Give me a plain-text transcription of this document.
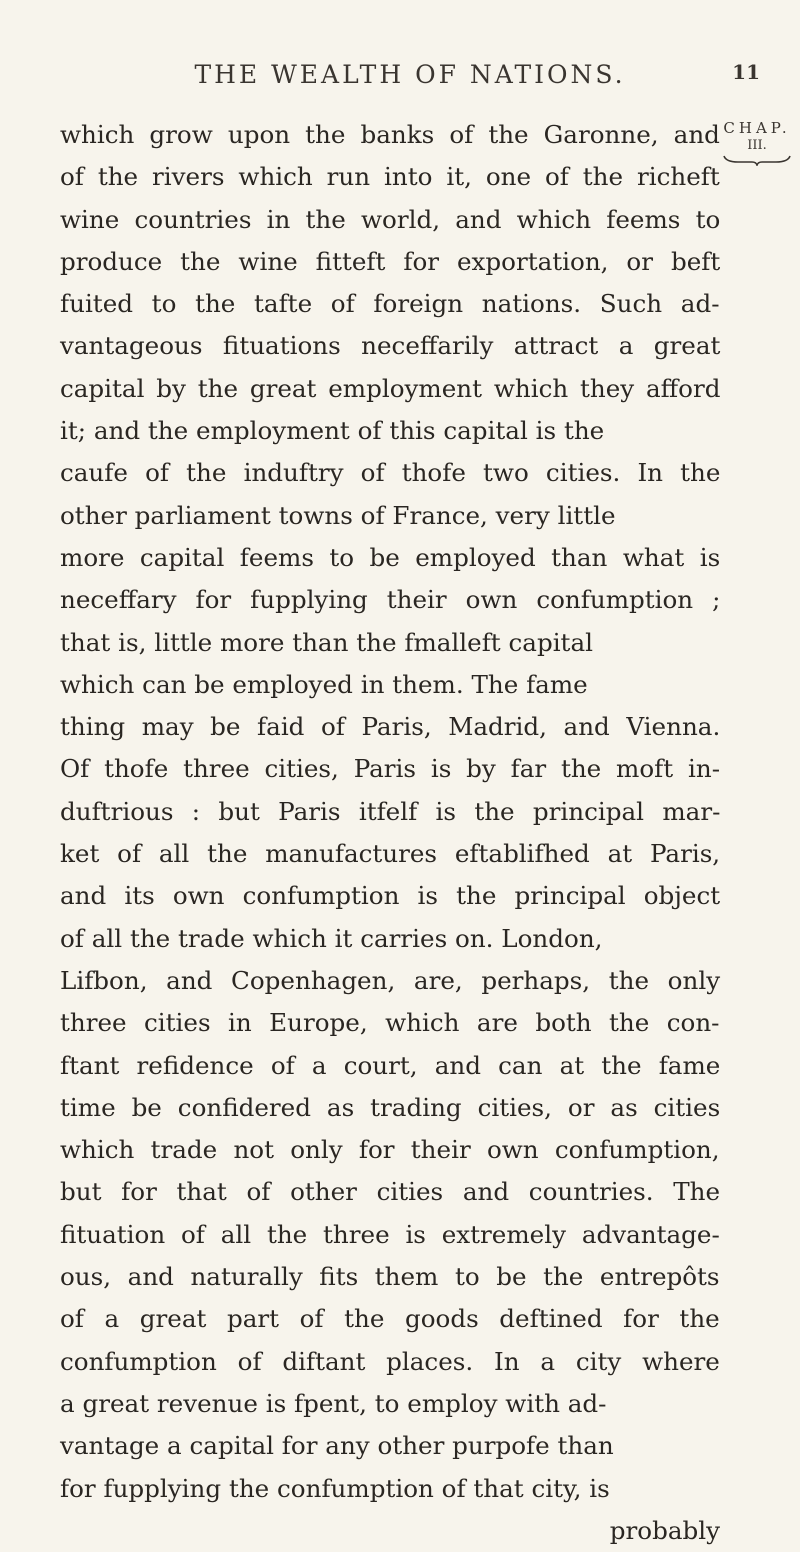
THE WEALTH OF NATIONS.	11
CHAP.
III.
which grow upon the banks of the Garonne, and
of the rivers which run into it, one of the richeft
wine countries in the world, and which feems to
produce the wine fitteft for exportation, or beft
fuited to the tafte of foreign nations. Such ad-
vantageous fituations neceffarily attract a great
capital by the great employment which they afford
it; and the employment of this capital is the
caufe of the induftry of thofe two cities. In the
other parliament towns of France, very little
more capital feems to be employed than what is
neceffary for fupplying their own confumption ;
that is, little more than the fmalleft capital
which can be employed in them. The fame
thing may be faid of Paris, Madrid, and Vienna.
Of thofe three cities, Paris is by far the moft in-
duftrious : but Paris itfelf is the principal mar-
ket of all the manufactures eftablifhed at Paris,
and its own confumption is the principal object
of all the trade which it carries on. London,
Lifbon, and Copenhagen, are, perhaps, the only
three cities in Europe, which are both the con-
ftant refidence of a court, and can at the fame
time be confidered as trading cities, or as cities
which trade not only for their own confumption,
but for that of other cities and countries. The
fituation of all the three is extremely advantage-
ous, and naturally fits them to be the entrepôts
of a great part of the goods deftined for the
confumption of diftant places. In a city where
a great revenue is fpent, to employ with ad-
vantage a capital for any other purpofe than
for fupplying the confumption of that city, is
probably
